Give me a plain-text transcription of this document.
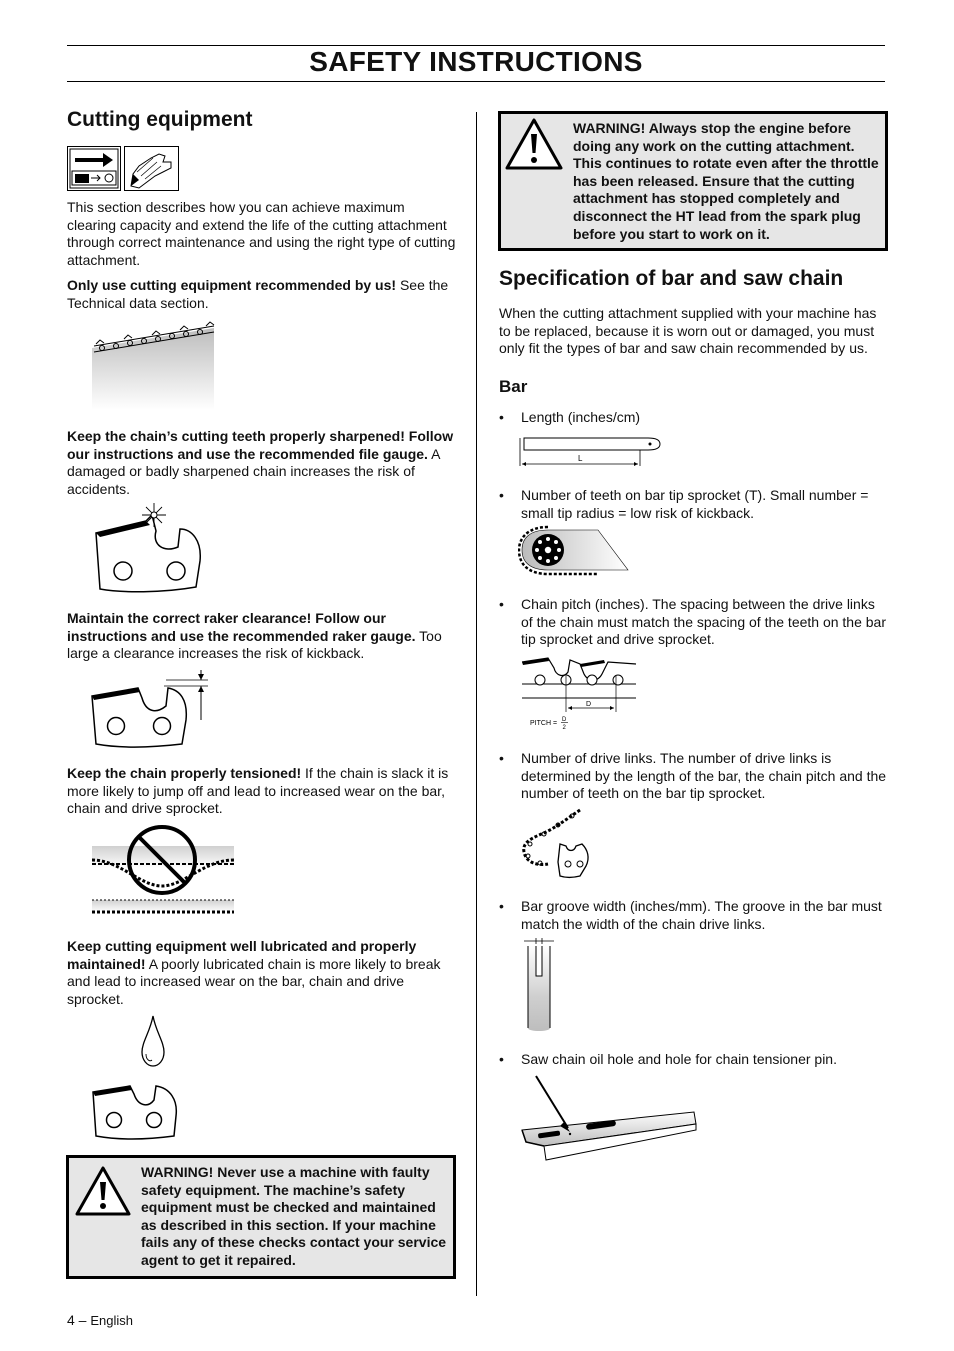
SAFETY INSTRUCTIONS
Cutting equipment
This section describes how you can achieve maximum clearing capacity and extend the life of the cutting attachment through correct maintenance and using the right type of cutting attachment.
Only use cutting equipment recommended by us! See the Technical data section.
Keep the chain’s cutting teeth properly sharpened! Follow our instructions and use the recommended file gauge. A damaged or badly sharpened chain increases the risk of accidents.
Maintain the correct raker clearance! Follow our instructions and use the recommended raker gauge. Too large a clearance increases the risk of kickback.
Keep the chain properly tensioned! If the chain is slack it is more likely to jump off and lead to increased wear on the bar, chain and drive sprocket.
Keep cutting equipment well lubricated and properly maintained! A poorly lubricated chain is more likely to break and lead to increased wear on the bar, chain and drive sprocket.
WARNING! Never use a machine with faulty safety equipment. The machine’s safety equipment must be checked and maintained as described in this section. If your machine fails any of these checks contact your service agent to get it repaired.
WARNING! Always stop the engine before doing any work on the cutting attachment. This continues to rotate even after the throttle has been released. Ensure that the cutting attachment has stopped completely and disconnect the HT lead from the spark plug before you start to work on it.
Specification of bar and saw chain
When the cutting attachment supplied with your machine has to be replaced, because it is worn out or damaged, you must only fit the types of bar and saw chain recommended by us.
Bar
• Length (inches/cm)
L
• Number of teeth on bar tip sprocket (T). Small number = small tip radius = low risk of kickback.
• Chain pitch (inches). The spacing between the drive links of the chain must match the spacing of the teeth on the bar tip sprocket and drive sprocket.
D
PITCH = D
2
• Number of drive links. The number of drive links is determined by the length of the bar, the chain pitch and the number of teeth on the bar tip sprocket.
• Bar groove width (inches/mm). The groove in the bar must match the width of the chain drive links.
• Saw chain oil hole and hole for chain tensioner pin.
4 – English
